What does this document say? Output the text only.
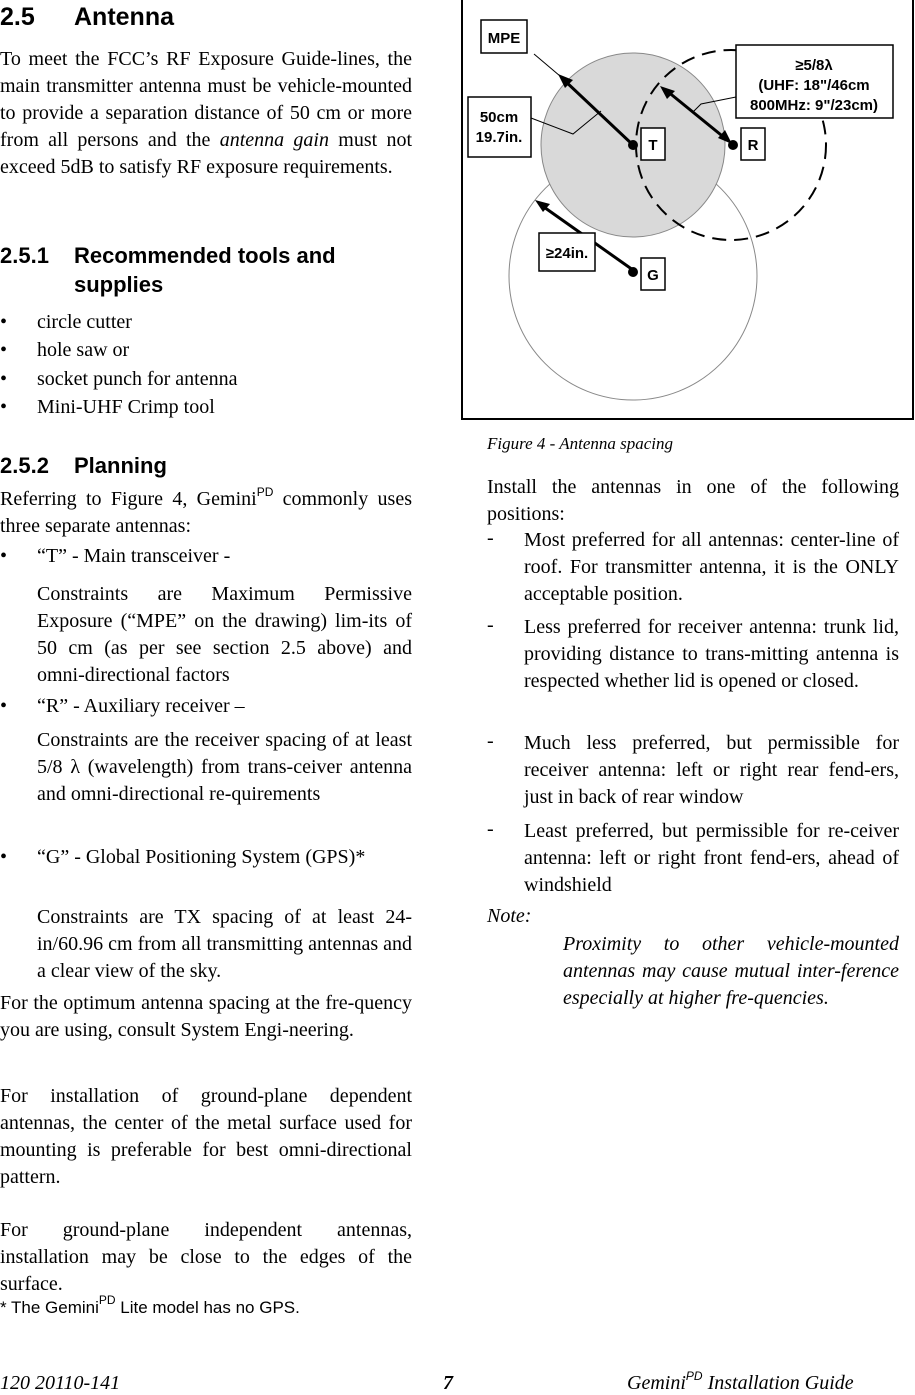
2.5 Antenna

To meet the FCC’s RF Exposure Guide-lines, the main transmitter antenna must be vehicle-mounted to provide a separation distance of 50 cm or more from all persons and the antenna gain must not exceed 5dB to satisfy RF exposure requirements.

2.5.1 Recommended tools and supplies
• circle cutter
• hole saw or
• socket punch for antenna
• Mini-UHF Crimp tool
2.5.2 Planning

Referring to Figure 4, Gemini$^{PD}$ commonly uses three separate antennas:

• “T” - Main transceiver -

Constraints are Maximum Permissive Exposure (“MPE” on the drawing) lim-its of 50 cm (as per see section 2.5 above) and omni-directional factors

• “R” - Auxiliary receiver –

Constraints are the receiver spacing of at least 5/8 λ (wavelength) from trans-ceiver antenna and omni-directional re-quirements

• “G” - Global Positioning System (GPS)*

Constraints are TX spacing of at least 24-in/60.96 cm from all transmitting antennas and a clear view of the sky.

For the optimum antenna spacing at the fre-quency you are using, consult System Engi-neering.

For installation of ground-plane dependent antennas, the center of the metal surface used for mounting is preferable for best omni-directional pattern.

For ground-plane independent antennas, installation may be close to the edges of the surface.

* The Gemini$^{PD}$ Lite model has no GPS.
MPE
50cm
19.7in.
≥5/8λ
(UHF: 18"/46cm
800MHz: 9"/23cm)
T	R
G
≥24in.
Figure 4 - Antenna spacing

Install the antennas in one of the following positions:

- Most preferred for all antennas: center-line of roof. For transmitter antenna, it is the ONLY acceptable position.
- Less preferred for receiver antenna: trunk lid, providing distance to trans-mitting antenna is respected whether lid is opened or closed.
- Much less preferred, but permissible for receiver antenna: left or right rear fend-ers, just in back of rear window
- Least preferred, but permissible for re-ceiver antenna: left or right front fend-ers, ahead of windshield
Note:

Proximity to other vehicle-mounted antennas may cause mutual inter-ference especially at higher fre-quencies.

120 20110-141	7	Gemini$^{PD}$ Installation Guide
